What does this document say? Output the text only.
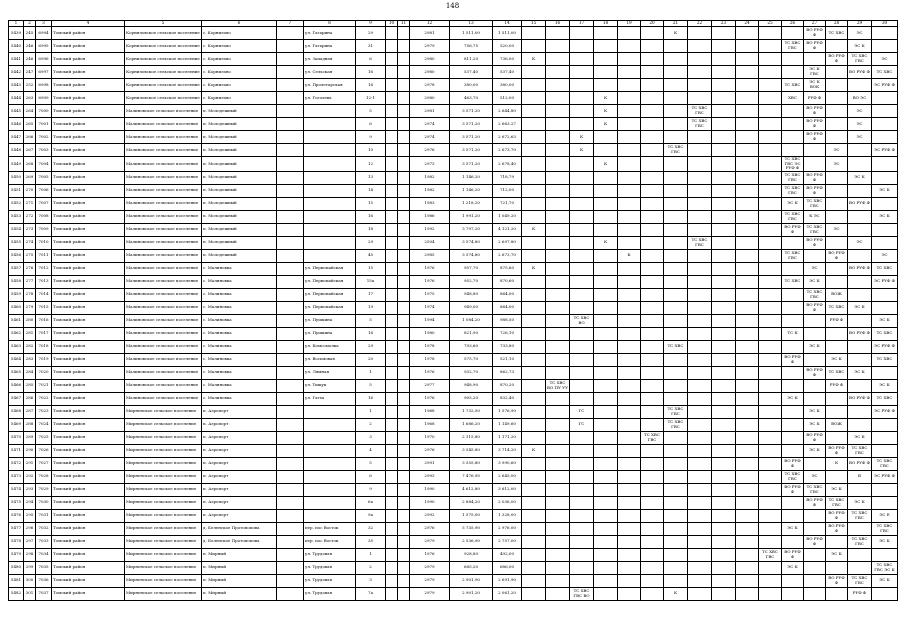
148
1	2	3	4	5	6	7	8	9	10	11	12	13	14	15	16	17	18	19	20	21	22	23	24	25	26	27	28	29	30
5439	245	6994	Томский район	Корниловское сельское поселение	с. Корнилово		ул. Гагарина	29			2981	1 511,00	1 511,00							К						ВО РУФ Ф	ТС ХВС	ЭС	
5440	246	6995	Томский район	Корниловское сельское поселение	с. Корнилово		ул. Гагарина	31			2979	756,75	520,00												ТС ХВС ГВС	ВО РУФ Ф		ЭС К	
5441	246	6996	Томский район	Корниловское сельское поселение	с. Корнилово		ул. Западная	6			2980	811,20	736,00	К													ВО РУФ Ф	ТС ХВС ГВС	ЭС
5442	247	6997	Томский район	Корниловское сельское поселение	с. Корнилово		ул. Сельская	16			2980	537,40	537,40													ЭС К ГВС		ВО РУФ Ф	ТС ХВС
5443	252	6998	Томский район	Корниловское сельское поселение	с. Корнилово		ул. Пролетарская	16			2978	380,00	380,00												ТС ХВС	ЭС К ВОК			ЭС РУФ Ф
5444	263	6999	Томский район	Корниловское сельское поселение	с. Корнилово		ул. Гоголева	12-1			2980	463,70	512,00				К								ХВС	РУФ Ф		ВО ЭС	
5445	264	7000	Томский район	Малиновское сельское поселение	п. Молодежный			5			2981	3 571,20	2 644,80				К				ТС ХВС ГВС					ВО РУФ Ф		ЭС	
5446	265	7001	Томский район	Малиновское сельское поселение	п. Молодежный			6			2974	3 571,20	2 663,27				К				ТС ХВС ГВС					ВО РУФ Ф		ЭС	
5447	266	7002	Томский район	Малиновское сельское поселение	п. Молодежный			9			2974	3 571,20	2 672,63			К										ВО РУФ Ф		ЭС	
5448	267	7003	Томский район	Малиновское сельское поселение	п. Молодежный			10			2976	3 571,20	2 673,70			К				ТС ХВС ГВС							ЭС		ЭС РУФ Ф
5449	268	7004	Томский район	Малиновское сельское поселение	п. Молодежный			12			2973	3 571,20	2 678,40				К								ТС ХВС ГВС ЭС РУФ Ф		ЭС		
5450	269	7005	Томский район	Малиновское сельское поселение	п. Молодежный			13			1982	1 146,20	718,79												ТС ХВС ГВС	ВО РУФ Ф		ЭС К	
5451	270	7006	Томский район	Малиновское сельское поселение	п. Молодежный			14			1982	1 146,20	712,00												ТС ХВС ГВС	ВО РУФ Ф			ЭС К
5452	271	7007	Томский район	Малиновское сельское поселение	п. Молодежный			15			1983	1 218,20	721,70												ЭС К	ТС ХВС ГВС		ВО РУФ Ф	
5453	272	7008	Томский район	Малиновское сельское поселение	п. Молодежный			16			1986	1 991,20	1 049,20												ТС ХВС ГВС	К ЭС			ЭС К
5454	273	7009	Томский район	Малиновское сельское поселение	п. Молодежный			18			1992	3 797,20	4 121,20	К											ВО РУФ Ф	ТС ХВС ГВС	ЭС		
5455	274	7010	Томский район	Малиновское сельское поселение	п. Молодежный			29			2504	3 574,80	2 697,80				К				ТС ХВС ГВС					ВО РУФ Ф		ЭС	
5456	275	7011	Томский район	Малиновское сельское поселение	п. Молодежный			45			2985	3 574,80	2 673,70					К							ТС ХВС ГВС		ВО РУФ Ф		ЭС
5457	276	7012	Томский район	Малиновское сельское поселение	с. Малиновка		ул. Первомайская	15			1976	957,70	875,60	К												ЭС		ВО РУФ Ф	ТС ХВС
5458	277	7013	Томский район	Малиновское сельское поселение	с. Малиновка		ул. Первомайская	15а			1976	952,70	870,60												ТС ХВС	ЭС К			ЭС РУФ Ф
5459	278	7014	Томский район	Малиновское сельское поселение	с. Малиновка		ул. Первомайская	17			1975	948,80	864,00													ТС ХВС ГВС	ВОЖ		
5460	279	7015	Томский район	Малиновское сельское поселение	с. Малиновка		ул. Первомайская	19			1974	949,00	864,00													ВО РУФ Ф	ТС ХВС	ЭС К	
5461	280	7016	Томский район	Малиновское сельское поселение	с. Малиновка		ул. Пушкина	5			1994	1 084,20	988,50			ТС ХВС ВО											РУФ Ф		ЭС К
5462	281	7017	Томский район	Малиновское сельское поселение	с. Малиновка		ул. Пушкина	16			1980	821,90	726,10												ТС К			ВО РУФ Ф	ТС ХВС
5463	282	7018	Томский район	Малиновское сельское поселение	с. Малиновка		ул. Комсомолка	29			1978	793,60	733,80							ТС ХВС						ЭС К			ЭС РУФ Ф
5464	283	7019	Томский район	Малиновское сельское поселение	с. Малиновка		ул. Восьмовая	20			1978	575,70	521,10												ВО РУФ Ф		ЭС К		ТС ХВС
5465	284	7020	Томский район	Малиновское сельское поселение	с. Малиновка		ул. Лямная	1			1976	932,70	862,73													ВО РУФ Ф	ТС ХВС	ЭС К	
5466	285	7021	Томский район	Малиновское сельское поселение	с. Малиновка		ул. Тищук	5			2977	948,90	870,20		ТС ХВС ВО ПУ УУ												РУФ Ф		ЭС К
5467	286	7022	Томский район	Малиновское сельское поселение	с. Малиновка		ул. Гагеа	16			1976	905,20	832,40												ЭС К			ВО РУФ Ф	ТС ХВС
5468	287	7023	Томский район	Мирненское сельское поселение	п. Аэропорт			1			1968	1 732,50	1 576,90			ГС				ТС ХВС ГВС						ЭС К			ЭС РУФ Ф
5469	288	7024	Томский район	Мирненское сельское поселение	п. Аэропорт			2			1968	1 686,20	1 149,60			ГС				ТС ХВС ГВС						ЭС К	ВОЖ		
5470	289	7025	Томский район	Мирненское сельское поселение	п. Аэропорт			3			1970	2 115,80	1 171,20						ТС ХВС ГВС							ВО РУФ Ф		ЭС К	
5471	290	7026	Томский район	Мирненское сельское поселение	п. Аэропорт			4			2976	3 545,80	3 714,20	К												ЭС К	ВО РУФ Ф	ТС ХВС ГВС	
5472	291	7027	Томский район	Мирненское сельское поселение	п. Аэропорт			5			2991	3 555,80	3 990,60												ВО РУФ Ф		К	ВО РУФ Ф	ТС ХВС ГВС
5473	292	7028	Томский район	Мирненское сельское поселение	п. Аэропорт			6			2993	7 476,95	2 645,00												ТС ХВС ГВС	ЭС		В	ЭС РУФ Ф
5474	293	7029	Томский район	Мирненское сельское поселение	п. Аэропорт			9			1990	4 612,80	3 612,00												ВО РУФ Ф	ТС ХВС ГВС	ЭС К		
5475	294	7030	Томский район	Мирненское сельское поселение	п. Аэропорт			6а			1990	2 884,20	2 036,00													ВО РУФ Ф	ТС ХВС ГВС	ЭС К	
5476	295	7031	Томский район	Мирненское сельское поселение	п. Аэропорт			9а			2992	1 575,00	1 328,00														ВО РУФ Ф	ТС ХВС ГВС	ЭС Е
5477	296	7032	Томский район	Мирненское сельское поселение	д. Беленское Протопопова		пер. пос Восток	32			2976	5 735,90	2 976,00												ЭС К		ВО РУФ Ф		ТС ХВС ГВС
5478	297	7033	Томский район	Мирненское сельское поселение	д. Беленское Протопопова		пер. пос Восток	35			2979	2 536,90	2 757,00													ВО РУФ Ф		ТС ХВС ГВС	ЭС К
5479	298	7034	Томский район	Мирненское сельское поселение	п. Мирный		ул. Трудовая	1			1976	928,80	492,00											ТС ХВС ГВС	ВО РУФ Ф		ЭС К		
5480	299	7035	Томский район	Мирненское сельское поселение	п. Мирный		ул. Трудовая	2			2979	685,20	686,00												ЭС К				ТС ХВС ГВС ЭС К
5481	300	7036	Томский район	Мирненское сельское поселение	п. Мирный		ул. Трудовая	3			2979	2 901,90	2 691,90														ВО РУФ Ф	ТС ХВС ГВС	ЭС К
5482	301	7037	Томский район	Мирненское сельское поселение	п. Мирный		ул. Трудовая	7а			2979	2 901,20	2 061,20			ТС ХВС ГВС ВО				К								РУФ Ф	
